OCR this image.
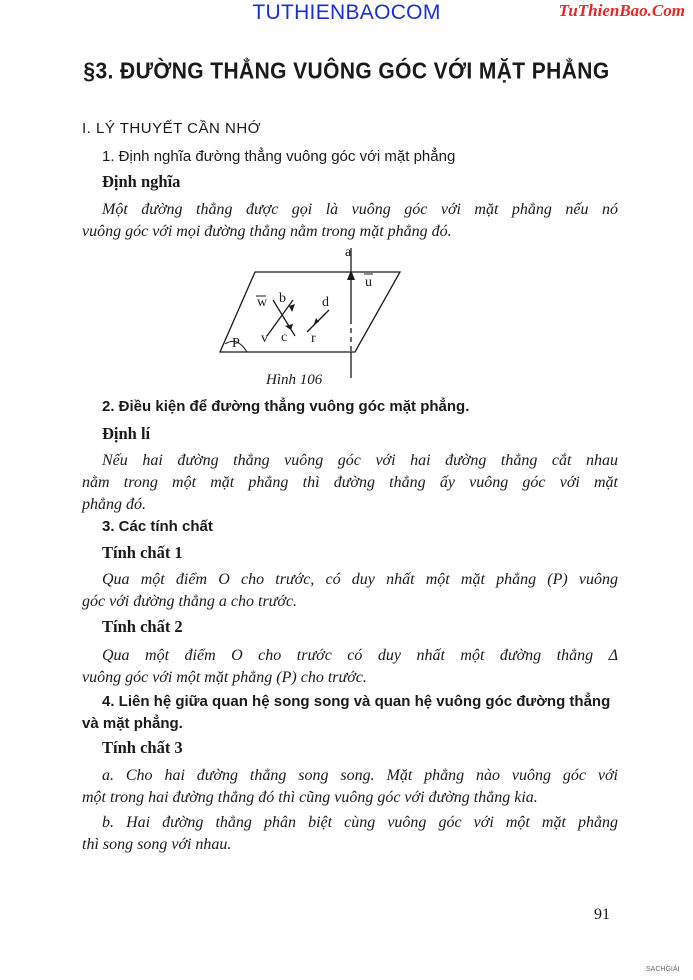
TUTHIENBAOCOM	TuThienBao.Com
§3. ĐƯỜNG THẲNG VUÔNG GÓC VỚI MẶT PHẲNG
I. LÝ THUYẾT CẦN NHỚ
1. Định nghĩa đường thẳng vuông góc với mặt phẳng
Định nghĩa
Một đường thẳng được gọi là vuông góc với mặt phẳng nếu nó
vuông góc với mọi đường thẳng nằm trong mặt phẳng đó.
a
u
w b	d
P v c r
Hình 106
2. Điều kiện để đường thẳng vuông góc mặt phẳng.
Định lí
Nếu hai đường thẳng vuông góc với hai đường thẳng cắt nhau
nằm trong một mặt phẳng thì đường thẳng ấy vuông góc với mặt
phẳng đó.
3. Các tính chất
Tính chất 1
Qua một điểm O cho trước, có duy nhất một mặt phẳng (P) vuông
góc với đường thẳng a cho trước.
Tính chất 2
Qua một điểm O cho trước có duy nhất một đường thẳng Δ
vuông góc với một mặt phẳng (P) cho trước.
4. Liên hệ giữa quan hệ song song và quan hệ vuông góc đường thẳng
và mặt phẳng.
Tính chất 3
a. Cho hai đường thẳng song song. Mặt phẳng nào vuông góc với
một trong hai đường thẳng đó thì cũng vuông góc với đường thẳng kia.
b. Hai đường thẳng phân biệt cùng vuông góc với một mặt phẳng
thì song song với nhau.
91
SACHGIẢI
